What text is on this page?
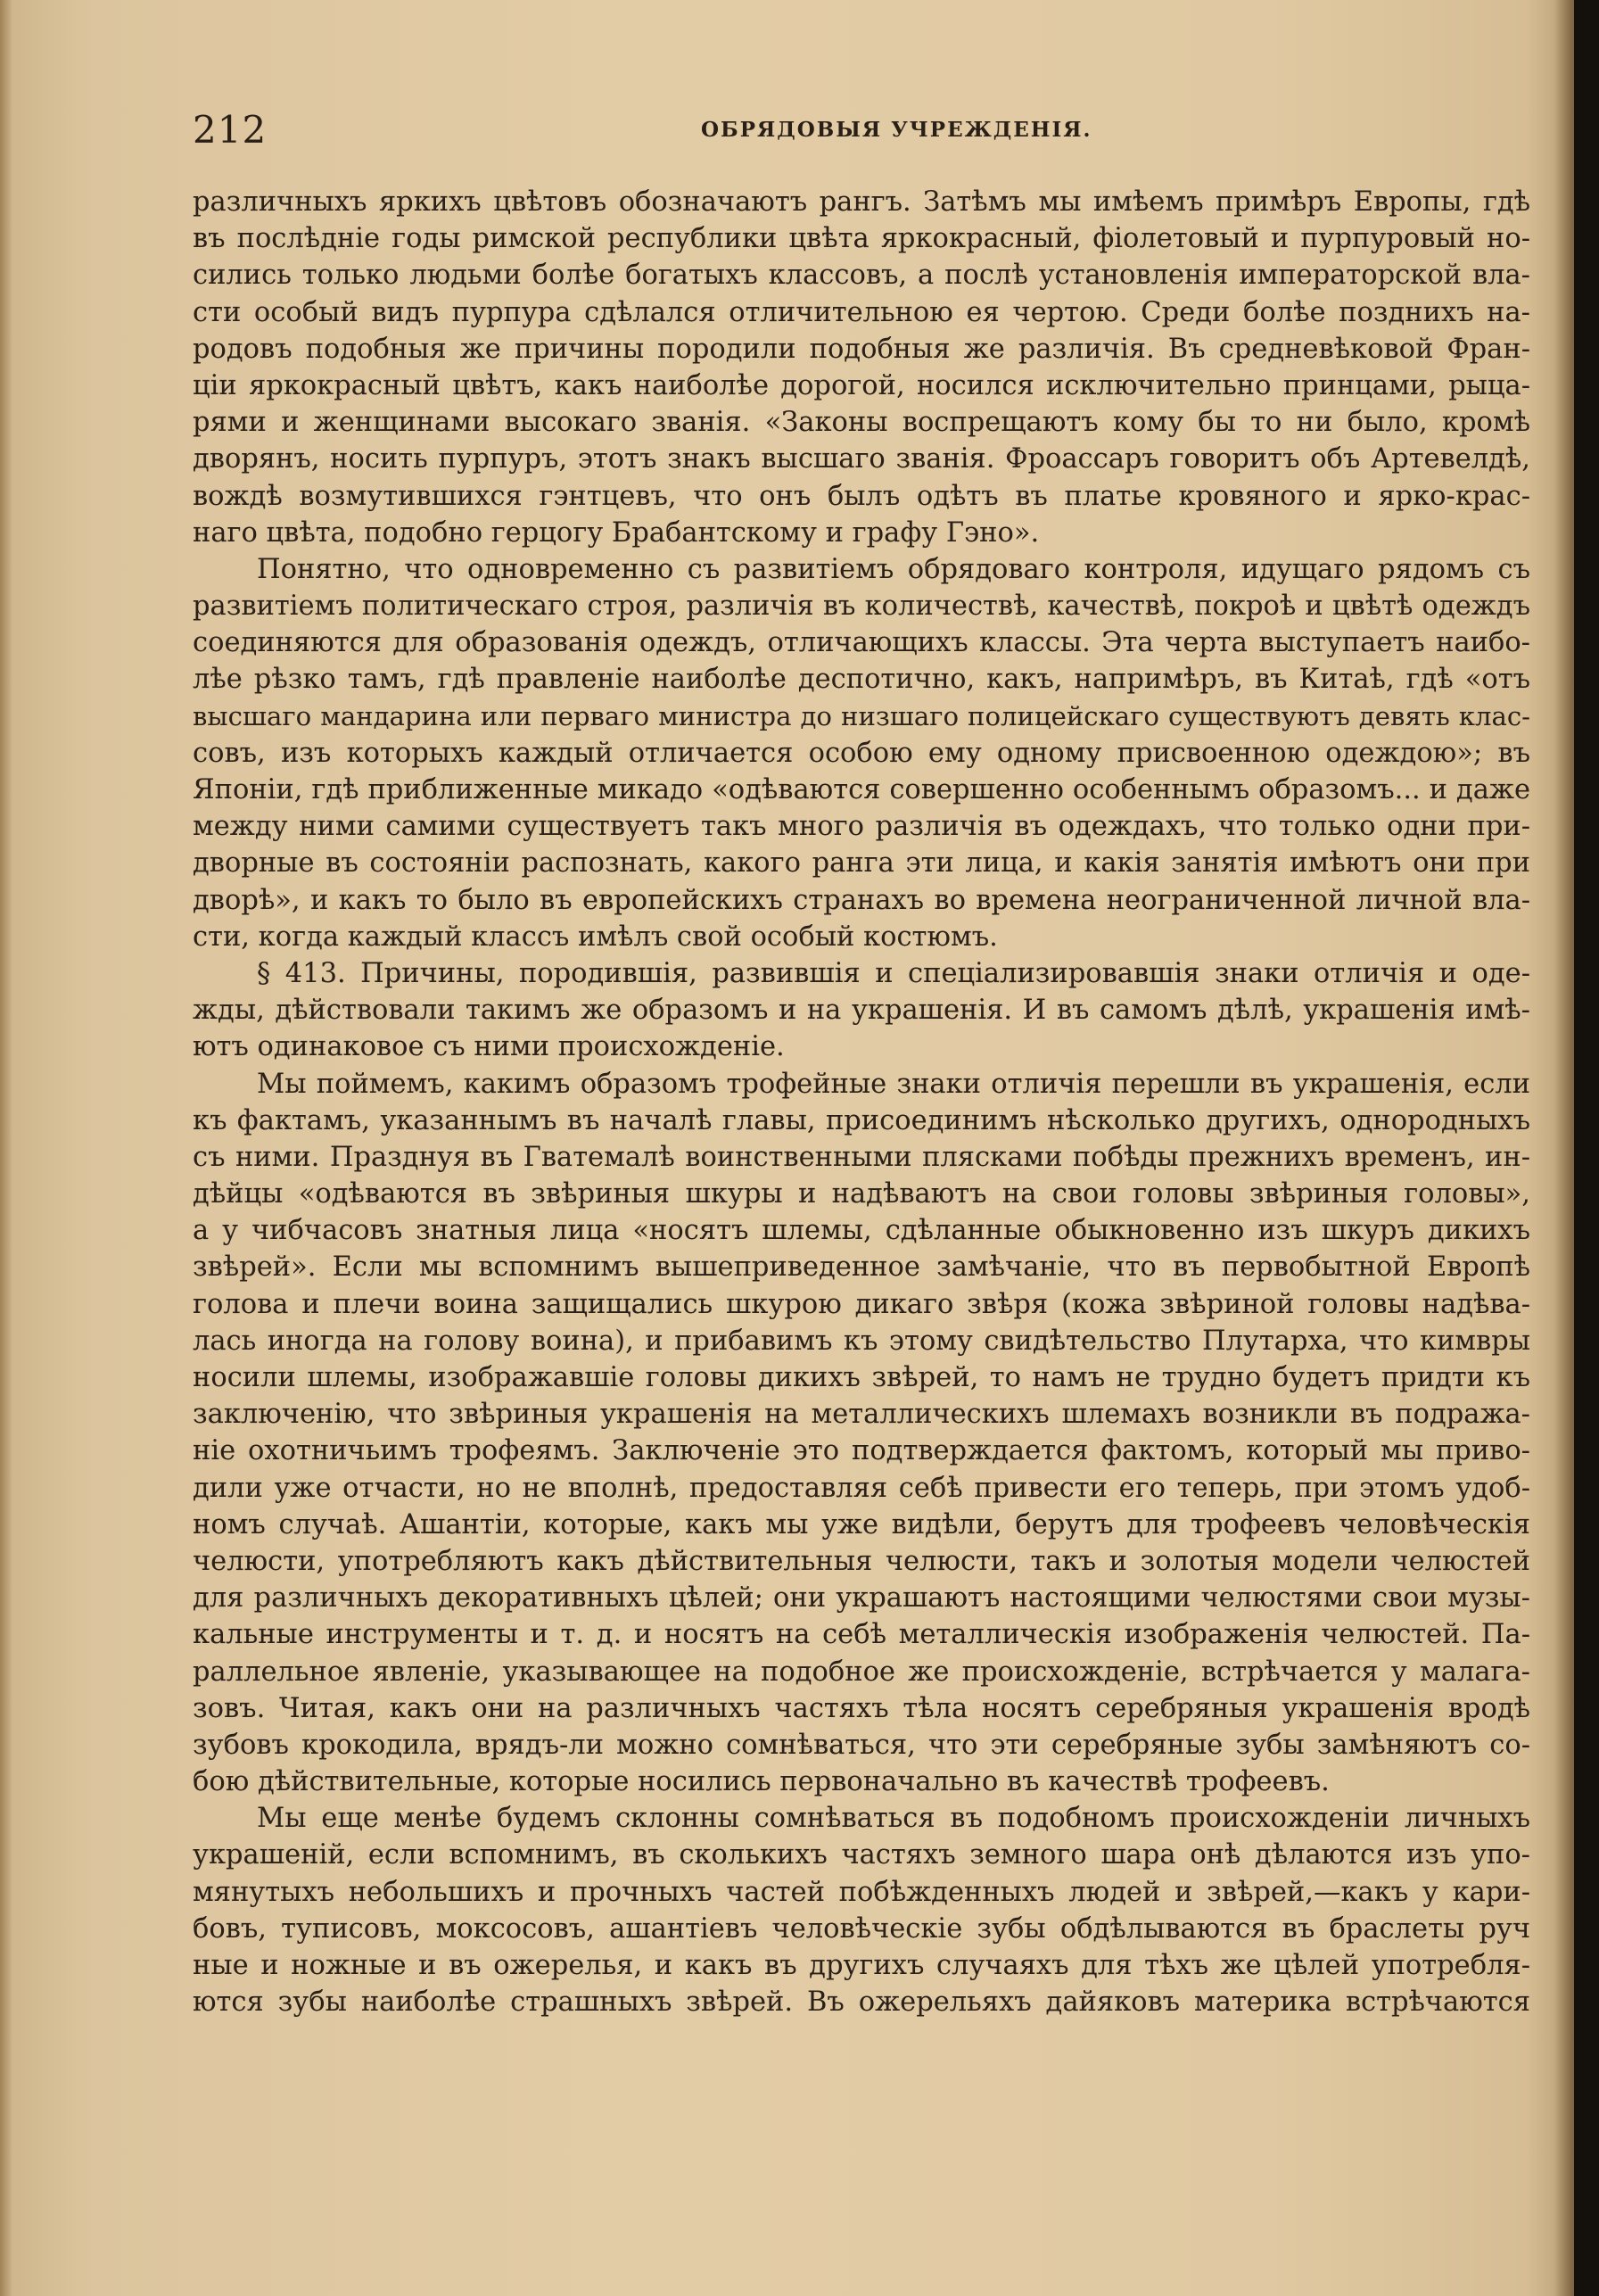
212	ОБРЯДОВЫЯ УЧРЕЖДЕНІЯ.
различныхъ яркихъ цвѣтовъ обозначаютъ рангъ. Затѣмъ мы имѣемъ примѣръ Европы, гдѣ
въ послѣдніе годы римской республики цвѣта яркокрасный, фіолетовый и пурпуровый но-
сились только людьми болѣе богатыхъ классовъ, а послѣ установленія императорской вла-
сти особый видъ пурпура сдѣлался отличительною ея чертою. Среди болѣе позднихъ на-
родовъ подобныя же причины породили подобныя же различія. Въ средневѣковой Фран-
ціи яркокрасный цвѣтъ, какъ наиболѣе дорогой, носился исключительно принцами, рыца-
рями и женщинами высокаго званія. «Законы воспрещаютъ кому бы то ни было, кромѣ
дворянъ, носить пурпуръ, этотъ знакъ высшаго званія. Фроассаръ говоритъ объ Артевелдѣ,
вождѣ возмутившихся гэнтцевъ, что онъ былъ одѣтъ въ платье кровяного и ярко-крас-
наго цвѣта, подобно герцогу Брабантскому и графу Гэно».
Понятно, что одновременно съ развитіемъ обрядоваго контроля, идущаго рядомъ съ
развитіемъ политическаго строя, различія въ количествѣ, качествѣ, покроѣ и цвѣтѣ одеждъ
соединяются для образованія одеждъ, отличающихъ классы. Эта черта выступаетъ наибо-
лѣе рѣзко тамъ, гдѣ правленіе наиболѣе деспотично, какъ, напримѣръ, въ Китаѣ, гдѣ «отъ
высшаго мандарина или перваго министра до низшаго полицейскаго существуютъ девять клас-
совъ, изъ которыхъ каждый отличается особою ему одному присвоенною одеждою»; въ
Японіи, гдѣ приближенные микадо «одѣваются совершенно особеннымъ образомъ... и даже
между ними самими существуетъ такъ много различія въ одеждахъ, что только одни при-
дворные въ состояніи распознать, какого ранга эти лица, и какія занятія имѣютъ они при
дворѣ», и какъ то было въ европейскихъ странахъ во времена неограниченной личной вла-
сти, когда каждый классъ имѣлъ свой особый костюмъ.
§ 413. Причины, породившія, развившія и спеціализировавшія знаки отличія и оде-
жды, дѣйствовали такимъ же образомъ и на украшенія. И въ самомъ дѣлѣ, украшенія имѣ-
ютъ одинаковое съ ними происхожденіе.
Мы поймемъ, какимъ образомъ трофейные знаки отличія перешли въ украшенія, если
къ фактамъ, указаннымъ въ началѣ главы, присоединимъ нѣсколько другихъ, однородныхъ
съ ними. Празднуя въ Гватемалѣ воинственными плясками побѣды прежнихъ временъ, ин-
дѣйцы «одѣваются въ звѣриныя шкуры и надѣваютъ на свои головы звѣриныя головы»,
а у чибчасовъ знатныя лица «носятъ шлемы, сдѣланные обыкновенно изъ шкуръ дикихъ
звѣрей». Если мы вспомнимъ вышеприведенное замѣчаніе, что въ первобытной Европѣ
голова и плечи воина защищались шкурою дикаго звѣря (кожа звѣриной головы надѣва-
лась иногда на голову воина), и прибавимъ къ этому свидѣтельство Плутарха, что кимвры
носили шлемы, изображавшіе головы дикихъ звѣрей, то намъ не трудно будетъ придти къ
заключенію, что звѣриныя украшенія на металлическихъ шлемахъ возникли въ подража-
ніе охотничьимъ трофеямъ. Заключеніе это подтверждается фактомъ, который мы приво-
дили уже отчасти, но не вполнѣ, предоставляя себѣ привести его теперь, при этомъ удоб-
номъ случаѣ. Ашантіи, которые, какъ мы уже видѣли, берутъ для трофеевъ человѣческія
челюсти, употребляютъ какъ дѣйствительныя челюсти, такъ и золотыя модели челюстей
для различныхъ декоративныхъ цѣлей; они украшаютъ настоящими челюстями свои музы-
кальные инструменты и т. д. и носятъ на себѣ металлическія изображенія челюстей. Па-
раллельное явленіе, указывающее на подобное же происхожденіе, встрѣчается у малага-
зовъ. Читая, какъ они на различныхъ частяхъ тѣла носятъ серебряныя украшенія вродѣ
зубовъ крокодила, врядъ-ли можно сомнѣваться, что эти серебряные зубы замѣняютъ со-
бою дѣйствительные, которые носились первоначально въ качествѣ трофеевъ.
Мы еще менѣе будемъ склонны сомнѣваться въ подобномъ происхожденіи личныхъ
украшеній, если вспомнимъ, въ сколькихъ частяхъ земного шара онѣ дѣлаются изъ упо-
мянутыхъ небольшихъ и прочныхъ частей побѣжденныхъ людей и звѣрей,—какъ у кари-
бовъ, туписовъ, моксосовъ, ашантіевъ человѣческіе зубы обдѣлываются въ браслеты руч
ные и ножные и въ ожерелья, и какъ въ другихъ случаяхъ для тѣхъ же цѣлей употребля-
ются зубы наиболѣе страшныхъ звѣрей. Въ ожерельяхъ дайяковъ материка встрѣчаются
